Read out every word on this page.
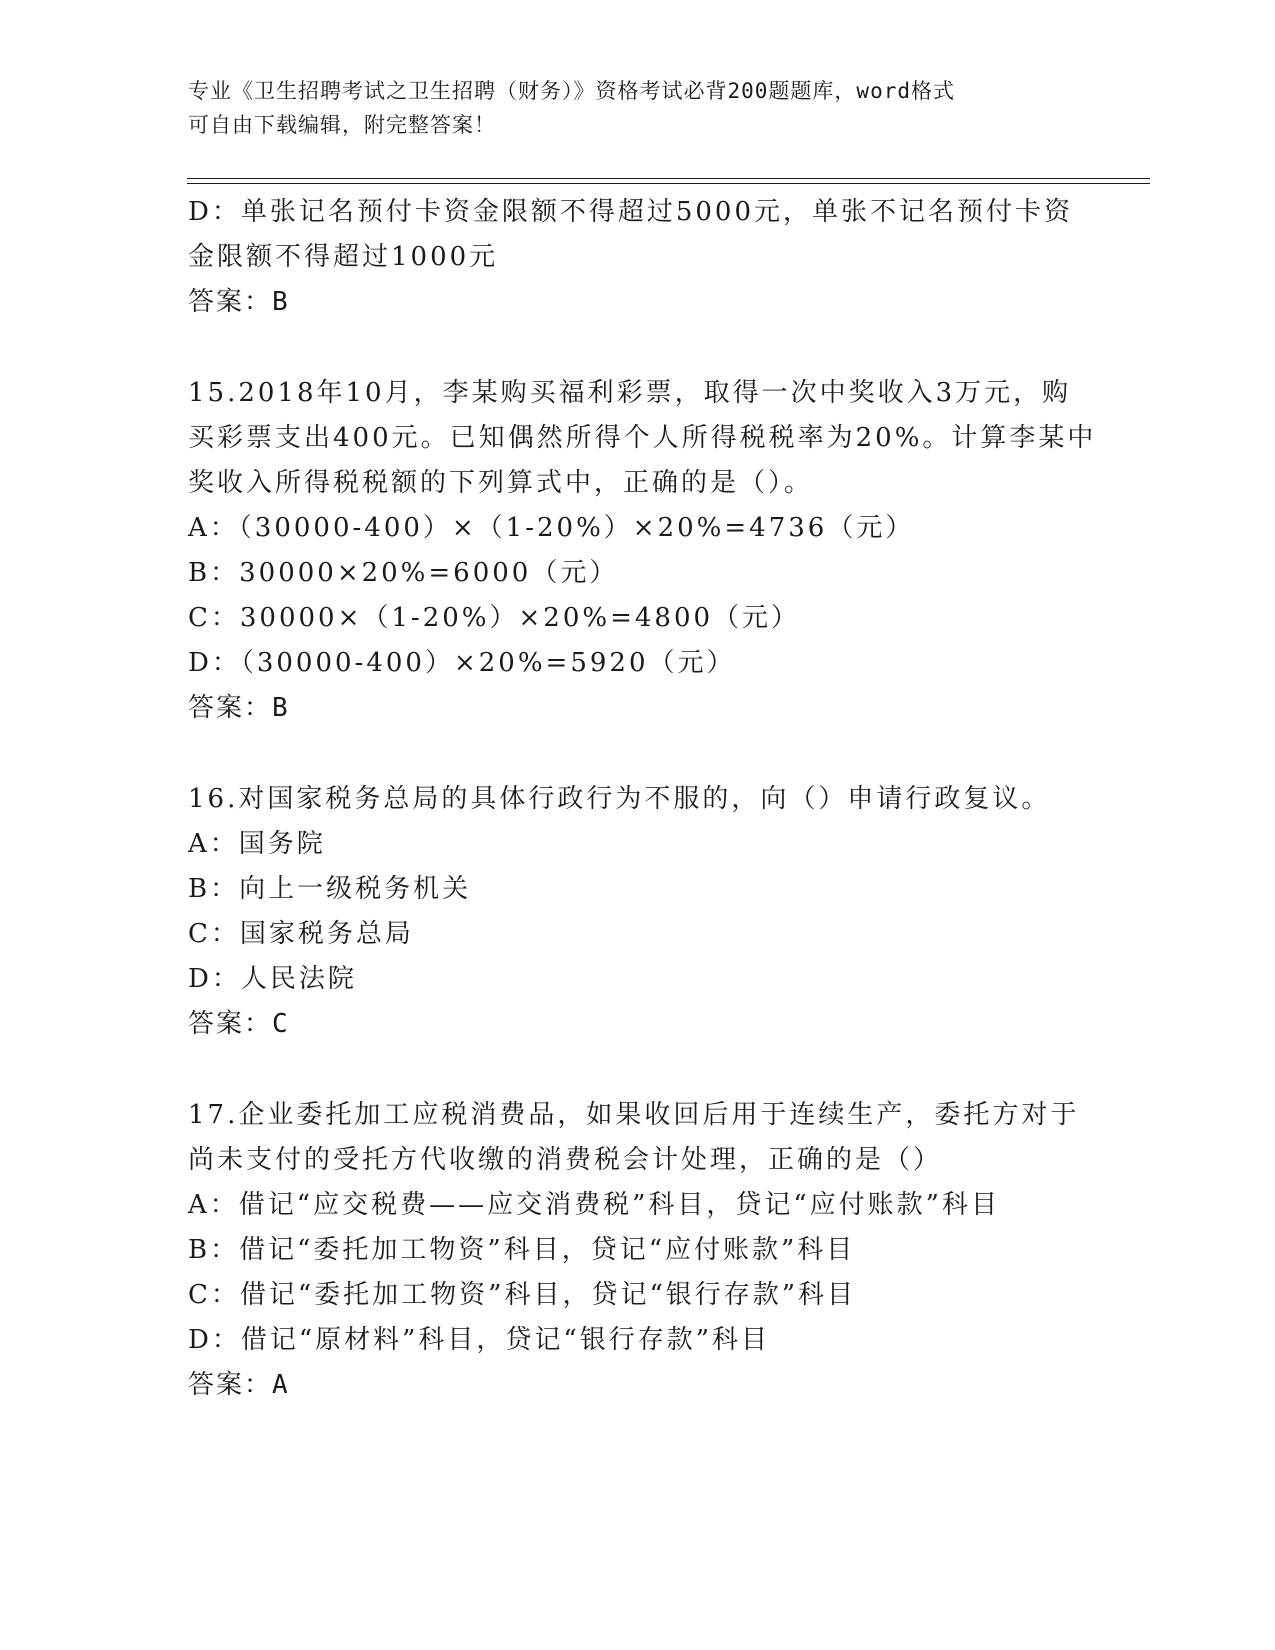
专业《卫生招聘考试之卫生招聘（财务）》资格考试必背200题题库，word格式
可自由下载编辑，附完整答案！
D：单张记名预付卡资金限额不得超过5000元，单张不记名预付卡资
金限额不得超过1000元
答案：B
15.2018年10月，李某购买福利彩票，取得一次中奖收入3万元，购
买彩票支出400元。已知偶然所得个人所得税税率为20%。计算李某中
奖收入所得税税额的下列算式中，正确的是（）。
A：（30000-400）×（1-20%）×20%=4736（元）
B：30000×20%=6000（元）
C：30000×（1-20%）×20%=4800（元）
D：（30000-400）×20%=5920（元）
答案：B
16.对国家税务总局的具体行政行为不服的，向（）申请行政复议。
A：国务院
B：向上一级税务机关
C：国家税务总局
D：人民法院
答案：C
17.企业委托加工应税消费品，如果收回后用于连续生产，委托方对于
尚未支付的受托方代收缴的消费税会计处理，正确的是（）
A：借记“应交税费——应交消费税”科目，贷记“应付账款”科目
B：借记“委托加工物资”科目，贷记“应付账款”科目
C：借记“委托加工物资”科目，贷记“银行存款”科目
D：借记“原材料”科目，贷记“银行存款”科目
答案：A
